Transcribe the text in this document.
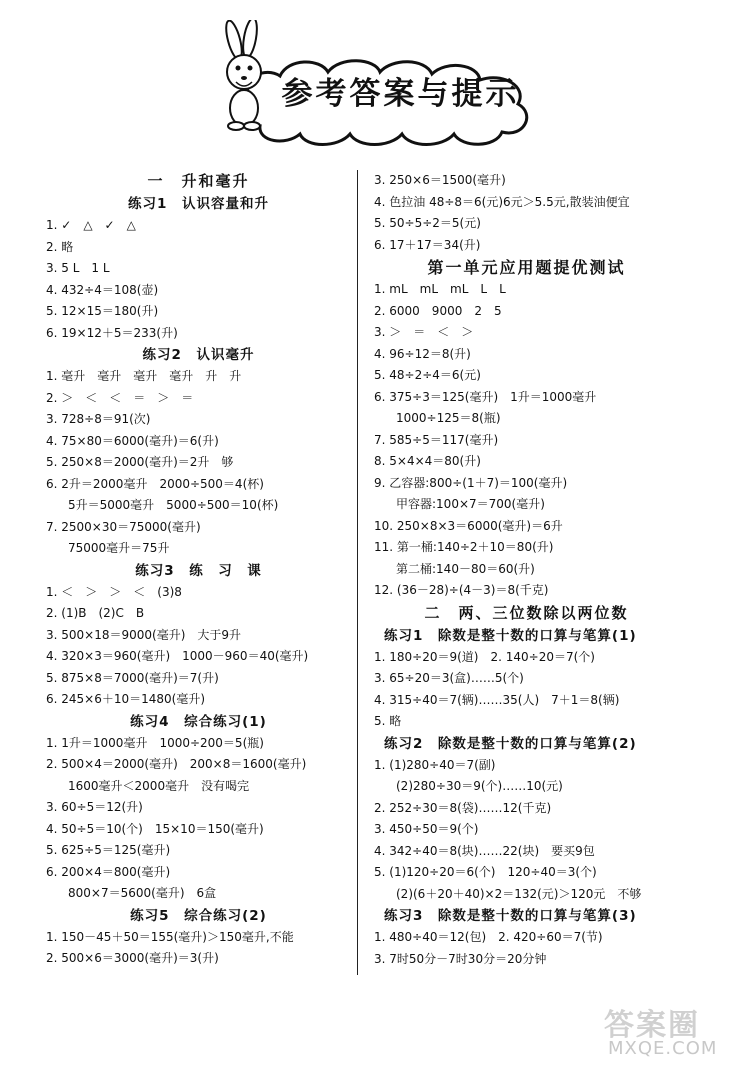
参考答案与提示
一　升和毫升
练习1　认识容量和升
1. ✓　△　✓　△
2. 略
3. 5 L　1 L
4. 432÷4＝108(壶)
5. 12×15＝180(升)
6. 19×12＋5＝233(升)
练习2　认识毫升
1. 毫升　毫升　毫升　毫升　升　升
2. ＞　＜　＜　＝　＞　＝
3. 728÷8＝91(次)
4. 75×80＝6000(毫升)＝6(升)
5. 250×8＝2000(毫升)＝2升　够
6. 2升＝2000毫升　2000÷500＝4(杯)
5升＝5000毫升　5000÷500＝10(杯)
7. 2500×30＝75000(毫升)
75000毫升＝75升
练习3　练　习　课
1. ＜　＞　＞　＜　(3)8
2. (1)B　(2)C　B
3. 500×18＝9000(毫升)　大于9升
4. 320×3＝960(毫升)　1000－960＝40(毫升)
5. 875×8＝7000(毫升)＝7(升)
6. 245×6＋10＝1480(毫升)
练习4　综合练习(1)
1. 1升＝1000毫升　1000÷200＝5(瓶)
2. 500×4＝2000(毫升)　200×8＝1600(毫升)
1600毫升＜2000毫升　没有喝完
3. 60÷5＝12(升)
4. 50÷5＝10(个)　15×10＝150(毫升)
5. 625÷5＝125(毫升)
6. 200×4＝800(毫升)
800×7＝5600(毫升)　6盒
练习5　综合练习(2)
1. 150－45＋50＝155(毫升)＞150毫升,不能
2. 500×6＝3000(毫升)＝3(升)
3. 250×6＝1500(毫升)
4. 色拉油 48÷8＝6(元)6元＞5.5元,散装油便宜
5. 50÷5÷2＝5(元)
6. 17＋17＝34(升)
第一单元应用题提优测试
1. mL　mL　mL　L　L
2. 6000　9000　2　5
3. ＞　＝　＜　＞
4. 96÷12＝8(升)
5. 48÷2÷4＝6(元)
6. 375÷3＝125(毫升)　1升＝1000毫升
1000÷125＝8(瓶)
7. 585÷5＝117(毫升)
8. 5×4×4＝80(升)
9. 乙容器:800÷(1＋7)＝100(毫升)
甲容器:100×7＝700(毫升)
10. 250×8×3＝6000(毫升)＝6升
11. 第一桶:140÷2＋10＝80(升)
第二桶:140－80＝60(升)
12. (36－28)÷(4－3)＝8(千克)
二　两、三位数除以两位数
练习1　除数是整十数的口算与笔算(1)
1. 180÷20＝9(道)　2. 140÷20＝7(个)
3. 65÷20＝3(盒)……5(个)
4. 315÷40＝7(辆)……35(人)　7＋1＝8(辆)
5. 略
练习2　除数是整十数的口算与笔算(2)
1. (1)280÷40＝7(副)
(2)280÷30＝9(个)……10(元)
2. 252÷30＝8(袋)……12(千克)
3. 450÷50＝9(个)
4. 342÷40＝8(块)……22(块)　要买9包
5. (1)120÷20＝6(个)　120÷40＝3(个)
(2)(6＋20＋40)×2＝132(元)＞120元　不够
练习3　除数是整十数的口算与笔算(3)
1. 480÷40＝12(包)　2. 420÷60＝7(节)
3. 7时50分－7时30分＝20分钟
答案圈
MXQE.COM
